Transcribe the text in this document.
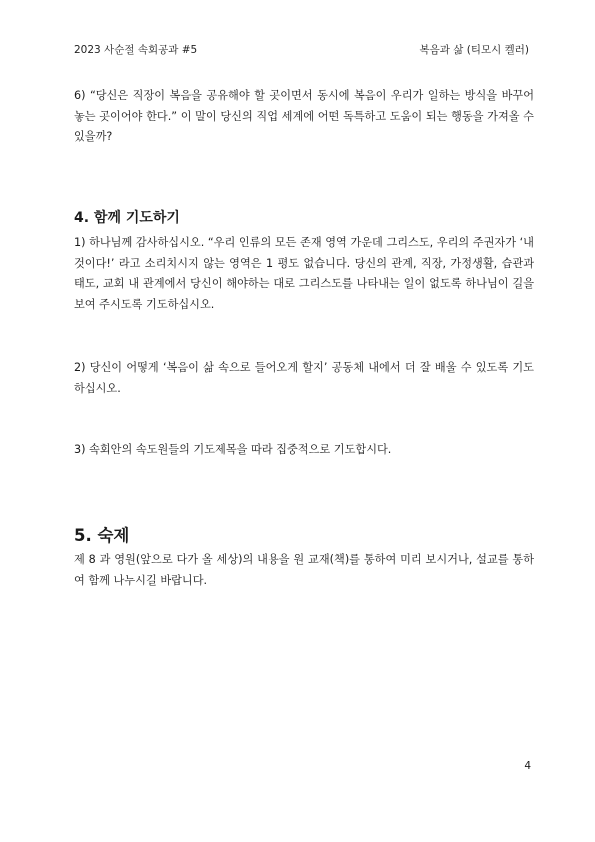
2023 사순절 속회공과 #5	복음과 삶 (티모시 켈러)

6) “당신은 직장이 복음을 공유해야 할 곳이면서 동시에 복음이 우리가 일하는 방식을 바꾸어 놓는 곳이어야 한다.” 이 말이 당신의 직업 세계에 어떤 독특하고 도움이 되는 행동을 가져올 수 있을까?

4. 함께 기도하기

1) 하나님께 감사하십시오. “우리 인류의 모든 존재 영역 가운데 그리스도, 우리의 주권자가 ‘내 것이다!’ 라고 소리치시지 않는 영역은 1 평도 없습니다. 당신의 관계, 직장, 가정생활, 습관과 태도, 교회 내 관계에서 당신이 해야하는 대로 그리스도를 나타내는 일이 없도록 하나님이 길을 보여 주시도록 기도하십시오.

2) 당신이 어떻게 ‘복음이 삶 속으로 들어오게 할지’ 공동체 내에서 더 잘 배울 수 있도록 기도하십시오.

3) 속회안의 속도원들의 기도제목을 따라 집중적으로 기도합시다.

5. 숙제

제 8 과 영원(앞으로 다가 올 세상)의 내용을 원 교재(책)를 통하여 미리 보시거나, 설교를 통하여 함께 나누시길 바랍니다.

4
